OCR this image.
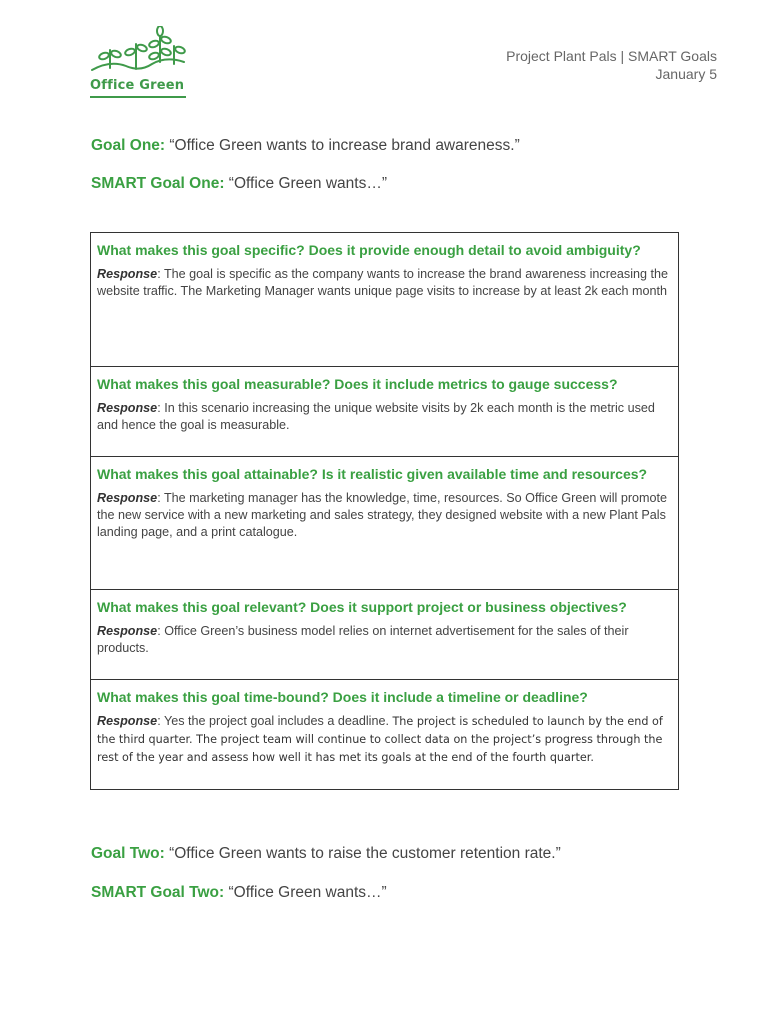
Office Green
Project Plant Pals | SMART Goals
January 5
Goal One: “Office Green wants to increase brand awareness.”
SMART Goal One: “Office Green wants…”

What makes this goal specific? Does it provide enough detail to avoid ambiguity?

Response: The goal is specific as the company wants to increase the brand awareness increasing the website traffic. The Marketing Manager wants unique page visits to increase by at least 2k each month

What makes this goal measurable? Does it include metrics to gauge success?

Response: In this scenario increasing the unique website visits by 2k each month is the metric used and hence the goal is measurable.

What makes this goal attainable? Is it realistic given available time and resources?

Response: The marketing manager has the knowledge, time, resources. So Office Green will promote the new service with a new marketing and sales strategy, they designed website with a new Plant Pals landing page, and a print catalogue.

What makes this goal relevant? Does it support project or business objectives?

Response: Office Green’s business model relies on internet advertisement for the sales of their products.

What makes this goal time-bound? Does it include a timeline or deadline?

Response: Yes the project goal includes a deadline. The project is scheduled to launch by the end of the third quarter. The project team will continue to collect data on the project’s progress through the rest of the year and assess how well it has met its goals at the end of the fourth quarter.

Goal Two: “Office Green wants to raise the customer retention rate.”
SMART Goal Two: “Office Green wants…”
